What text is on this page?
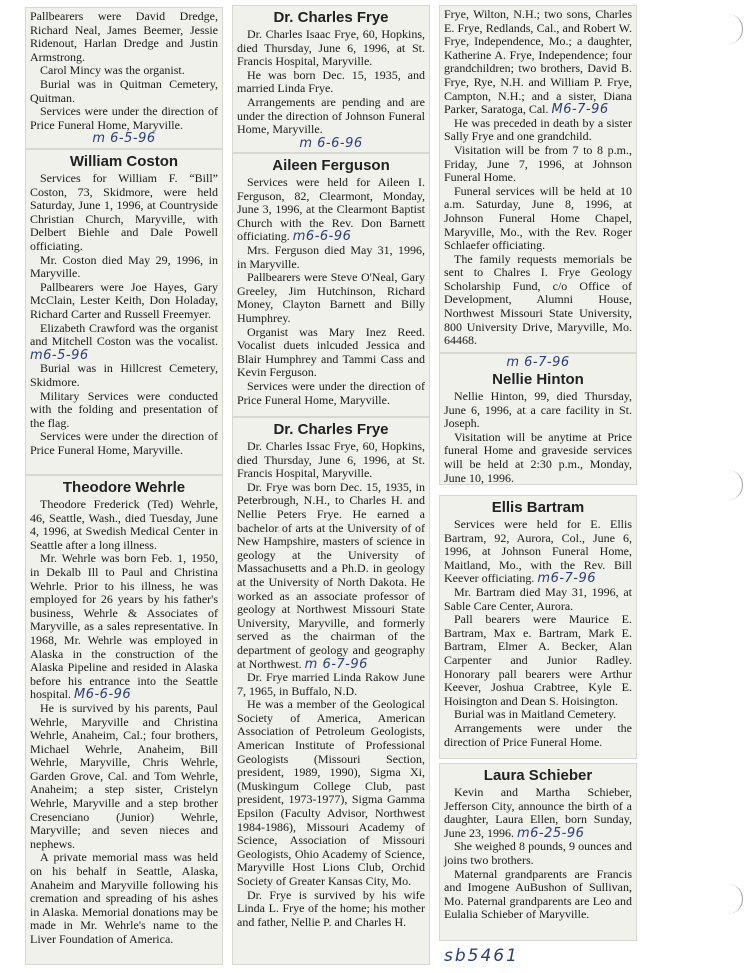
Pallbearers were David Dredge, Richard Neal, James Beemer, Jessie Ridenout, Harlan Dredge and Justin Armstrong.

Carol Mincy was the organist.

Burial was in Quitman Cemetery, Quitman.

Services were under the direction of Price Funeral Home, Maryville.

m 6-5-96
William Coston

Services for William F. “Bill” Coston, 73, Skidmore, were held Saturday, June 1, 1996, at Countryside Christian Church, Maryville, with Delbert Biehle and Dale Powell officiating.

Mr. Coston died May 29, 1996, in Maryville.

Pallbearers were Joe Hayes, Gary McClain, Lester Keith, Don Holaday, Richard Carter and Russell Freemyer.

Elizabeth Crawford was the organist and Mitchell Coston was the vocalist. m6-5-96

Burial was in Hillcrest Cemetery, Skidmore.

Military Services were conducted with the folding and presentation of the flag.

Services were under the direction of Price Funeral Home, Maryville.

Theodore Wehrle

Theodore Frederick (Ted) Wehrle, 46, Seattle, Wash., died Tuesday, June 4, 1996, at Swedish Medical Center in Seattle after a long illness.

Mr. Wehrle was born Feb. 1, 1950, in Dekalb Ill to Paul and Christina Wehrle. Prior to his illness, he was employed for 26 years by his father's business, Wehrle & Associates of Maryville, as a sales representative. In 1968, Mr. Wehrle was employed in Alaska in the construction of the Alaska Pipeline and resided in Alaska before his entrance into the Seattle hospital. M6-6-96

He is survived by his parents, Paul Wehrle, Maryville and Christina Wehrle, Anaheim, Cal.; four brothers, Michael Wehrle, Anaheim, Bill Wehrle, Maryville, Chris Wehrle, Garden Grove, Cal. and Tom Wehrle, Anaheim; a step sister, Cristelyn Wehrle, Maryville and a step brother Cresenciano (Junior) Wehrle, Maryville; and seven nieces and nephews.

A private memorial mass was held on his behalf in Seattle, Alaska, Anaheim and Maryville following his cremation and spreading of his ashes in Alaska. Memorial donations may be made in Mr. Wehrle's name to the Liver Foundation of America.

Dr. Charles Frye

Dr. Charles Isaac Frye, 60, Hopkins, died Thursday, June 6, 1996, at St. Francis Hospital, Maryville.

He was born Dec. 15, 1935, and married Linda Frye.

Arrangements are pending and are under the direction of Johnson Funeral Home, Maryville.

m 6-6-96
Aileen Ferguson

Services were held for Aileen I. Ferguson, 82, Clearmont, Monday, June 3, 1996, at the Clearmont Baptist Church with the Rev. Don Barnett officiating. m6-6-96

Mrs. Ferguson died May 31, 1996, in Maryville.

Pallbearers were Steve O'Neal, Gary Greeley, Jim Hutchinson, Richard Money, Clayton Barnett and Billy Humphrey.

Organist was Mary Inez Reed. Vocalist duets inlcuded Jessica and Blair Humphrey and Tammi Cass and Kevin Ferguson.

Services were under the direction of Price Funeral Home, Maryville.

Dr. Charles Frye

Dr. Charles Issac Frye, 60, Hopkins, died Thursday, June 6, 1996, at St. Francis Hospital, Maryville.

Dr. Frye was born Dec. 15, 1935, in Peterbrough, N.H., to Charles H. and Nellie Peters Frye. He earned a bachelor of arts at the University of of New Hampshire, masters of science in geology at the University of Massachusetts and a Ph.D. in geology at the University of North Dakota. He worked as an associate professor of geology at Northwest Missouri State University, Maryville, and formerly served as the chairman of the department of geology and geography at Northwest. m 6-7-96

Dr. Frye married Linda Rakow June 7, 1965, in Buffalo, N.D.

He was a member of the Geological Society of America, American Association of Petroleum Geologists, American Institute of Professional Geologists (Missouri Section, president, 1989, 1990), Sigma Xi, (Muskingum College Club, past president, 1973-1977), Sigma Gamma Epsilon (Faculty Advisor, Northwest 1984-1986), Missouri Academy of Science, Association of Missouri Geologists, Ohio Academy of Science, Maryville Host Lions Club, Orchid Society of Greater Kansas City, Mo.

Dr. Frye is survived by his wife Linda L. Frye of the home; his mother and father, Nellie P. and Charles H.

Frye, Wilton, N.H.; two sons, Charles E. Frye, Redlands, Cal., and Robert W. Frye, Independence, Mo.; a daughter, Katherine A. Frye, Independence; four grandchildren; two brothers, David B. Frye, Rye, N.H. and William P. Frye, Campton, N.H.; and a sister, Diana Parker, Saratoga, Cal. M6-7-96

He was preceded in death by a sister Sally Frye and one grandchild.

Visitation will be from 7 to 8 p.m., Friday, June 7, 1996, at Johnson Funeral Home.

Funeral services will be held at 10 a.m. Saturday, June 8, 1996, at Johnson Funeral Home Chapel, Maryville, Mo., with the Rev. Roger Schlaefer officiating.

The family requests memorials be sent to Chalres I. Frye Geology Scholarship Fund, c/o Office of Development, Alumni House, Northwest Missouri State University, 800 University Drive, Maryville, Mo. 64468.

m 6-7-96
Nellie Hinton

Nellie Hinton, 99, died Thursday, June 6, 1996, at a care facility in St. Joseph.

Visitation will be anytime at Price funeral Home and graveside services will be held at 2:30 p.m., Monday, June 10, 1996.

Ellis Bartram

Services were held for E. Ellis Bartram, 92, Aurora, Col., June 6, 1996, at Johnson Funeral Home, Maitland, Mo., with the Rev. Bill Keever officiating. m6-7-96

Mr. Bartram died May 31, 1996, at Sable Care Center, Aurora.

Pall bearers were Maurice E. Bartram, Max e. Bartram, Mark E. Bartram, Elmer A. Becker, Alan Carpenter and Junior Radley. Honorary pall bearers were Arthur Keever, Joshua Crabtree, Kyle E. Hoisington and Dean S. Hoisington.

Burial was in Maitland Cemetery.

Arrangements were under the direction of Price Funeral Home.

Laura Schieber

Kevin and Martha Schieber, Jefferson City, announce the birth of a daughter, Laura Ellen, born Sunday, June 23, 1996. m6-25-96

She weighed 8 pounds, 9 ounces and joins two brothers.

Maternal grandparents are Francis and Imogene AuBushon of Sullivan, Mo. Paternal grandparents are Leo and Eulalia Schieber of Maryville.

sb5461
